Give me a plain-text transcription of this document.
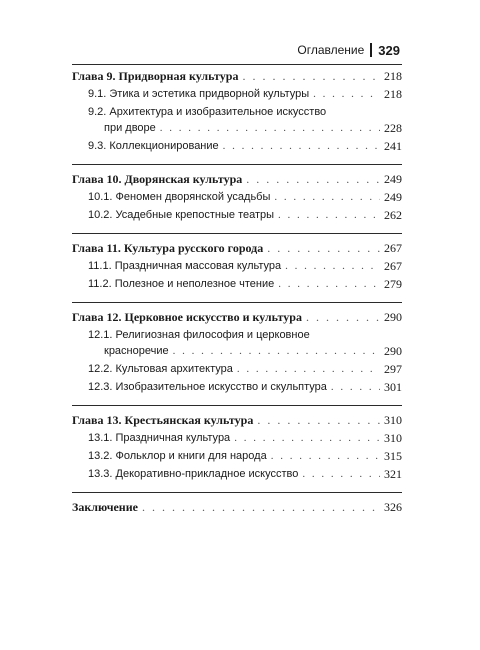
Оглавление 329
Глава 9. Придворная культура . . .	218
9.1. Этика и эстетика придворной культуры . . .	218
9.2. Архитектура и изобразительное искусство
при дворе . . .	228
9.3. Коллекционирование . . .	241
Глава 10. Дворянская культура . . .	249
10.1. Феномен дворянской усадьбы . . .	249
10.2. Усадебные крепостные театры . . .	262
Глава 11. Культура русского города . . .	267
11.1. Праздничная массовая культура . . .	267
11.2. Полезное и неполезное чтение . . .	279
Глава 12. Церковное искусство и культура . . .	290
12.1. Религиозная философия и церковное
красноречие . . .	290
12.2. Культовая архитектура . . .	297
12.3. Изобразительное искусство и скульптура . . .	301
Глава 13. Крестьянская культура . . .	310
13.1. Праздничная культура . . .	310
13.2. Фольклор и книги для народа . . .	315
13.3. Декоративно-прикладное искусство . . .	321
Заключение . . .	326
